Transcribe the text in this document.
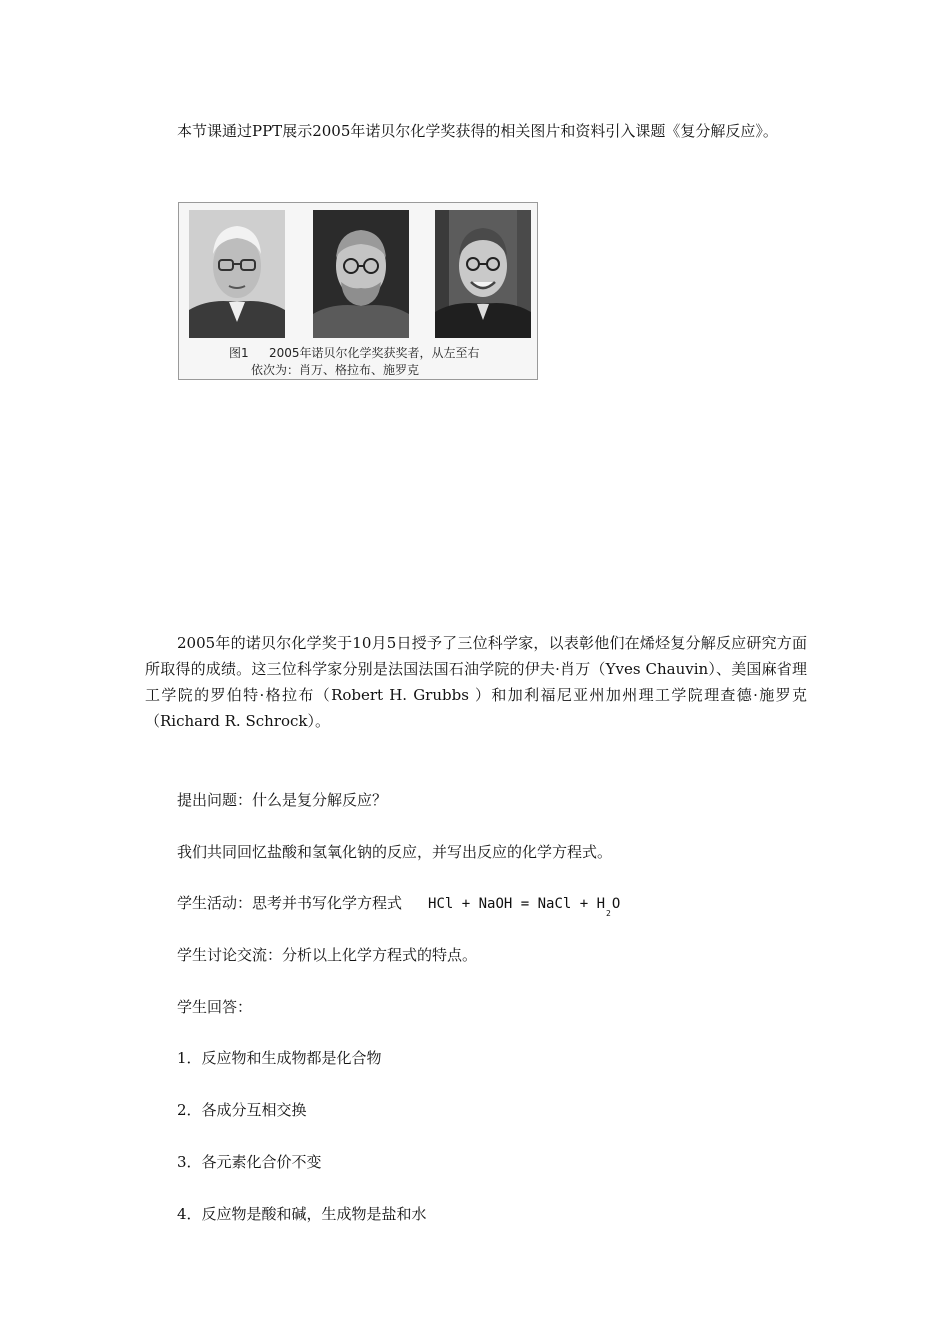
本节课通过PPT展示2005年诺贝尔化学奖获得的相关图片和资料引入课题《复分解反应》。

图1 2005年诺贝尔化学奖获奖者，从左至右
依次为：肖万、格拉布、施罗克

2005年的诺贝尔化学奖于10月5日授予了三位科学家，以表彰他们在烯烃复分解反应研究方面所取得的成绩。这三位科学家分别是法国法国石油学院的伊夫·肖万（Yves Chauvin）、美国麻省理工学院的罗伯特·格拉布（Robert H. Grubbs ）和加利福尼亚州加州理工学院理查德·施罗克（Richard R. Schrock）。

提出问题：什么是复分解反应？

我们共同回忆盐酸和氢氧化钠的反应，并写出反应的化学方程式。

学生活动：思考并书写化学方程式 HCl + NaOH = NaCl + $H_2O$

学生讨论交流：分析以上化学方程式的特点。

学生回答：

1．反应物和生成物都是化合物

2．各成分互相交换

3．各元素化合价不变

4．反应物是酸和碱，生成物是盐和水
